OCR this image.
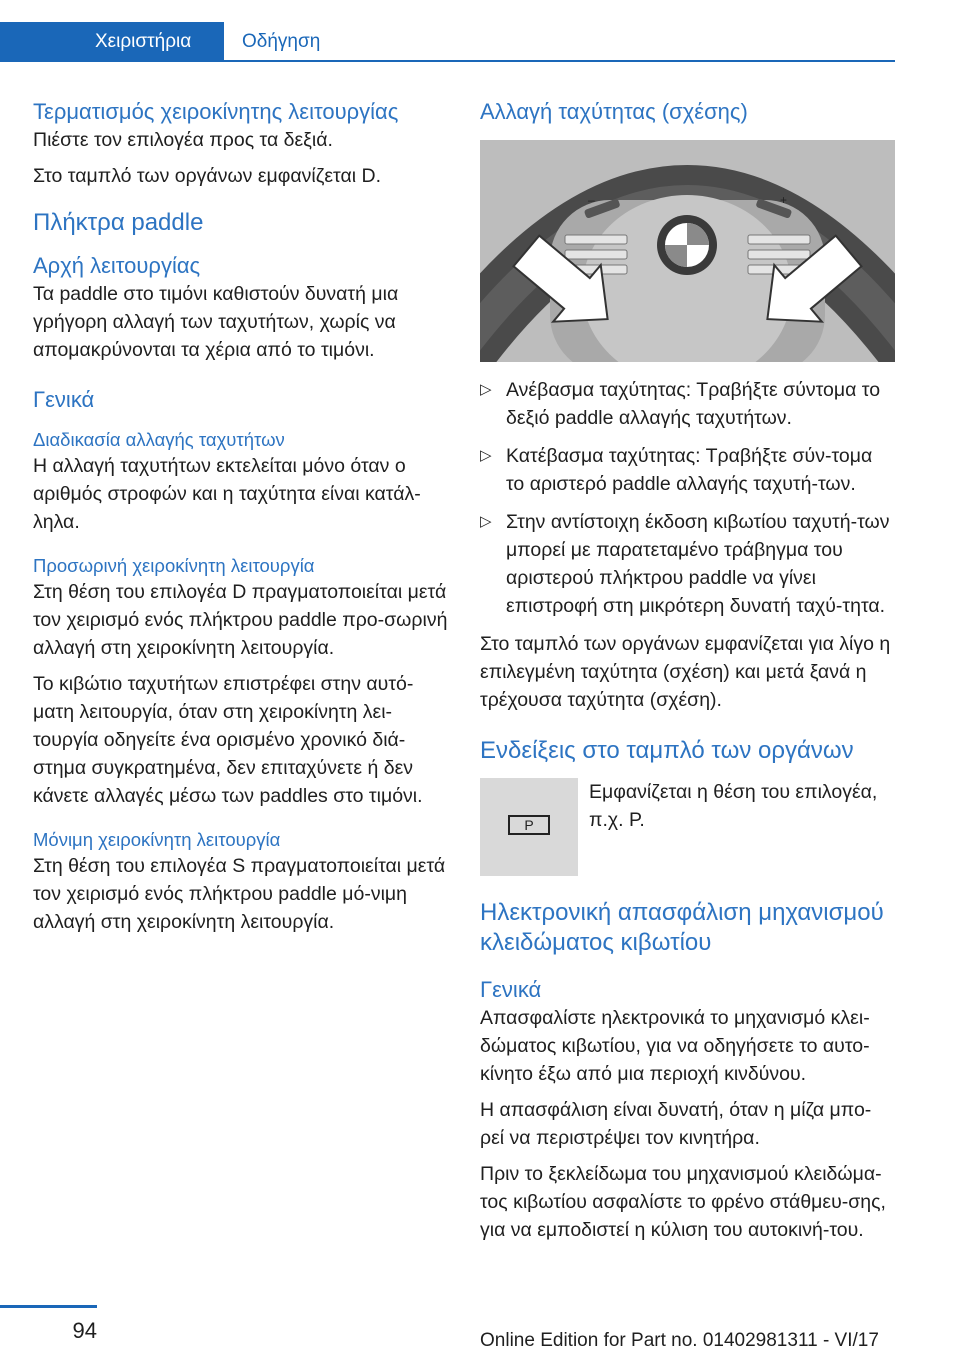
Χειριστήρια	Οδήγηση
Τερματισμός χειροκίνητης λειτουργίας

Πιέστε τον επιλογέα προς τα δεξιά.

Στο ταμπλό των οργάνων εμφανίζεται D.

Πλήκτρα paddle
Αρχή λειτουργίας

Τα paddle στο τιμόνι καθιστούν δυνατή μια γρήγορη αλλαγή των ταχυτήτων, χωρίς να απομακρύνονται τα χέρια από το τιμόνι.

Γενικά
Διαδικασία αλλαγής ταχυτήτων

Η αλλαγή ταχυτήτων εκτελείται μόνο όταν ο αριθμός στροφών και η ταχύτητα είναι κατάλ‐ληλα.

Προσωρινή χειροκίνητη λειτουργία

Στη θέση του επιλογέα D πραγματοποιείται μετά τον χειρισμό ενός πλήκτρου paddle προ‐σωρινή αλλαγή στη χειροκίνητη λειτουργία.

Το κιβώτιο ταχυτήτων επιστρέφει στην αυτό‐ματη λειτουργία, όταν στη χειροκίνητη λει‐τουργία οδηγείτε ένα ορισμένο χρονικό διά‐στημα συγκρατημένα, δεν επιταχύνετε ή δεν κάνετε αλλαγές μέσω των paddles στο τιμόνι.

Μόνιμη χειροκίνητη λειτουργία

Στη θέση του επιλογέα S πραγματοποιείται μετά τον χειρισμό ενός πλήκτρου paddle μό‐νιμη αλλαγή στη χειροκίνητη λειτουργία.

Αλλαγή ταχύτητας (σχέσης)
–	+
▷ Ανέβασμα ταχύτητας: Τραβήξτε σύντομα το δεξιό paddle αλλαγής ταχυτήτων.
▷ Κατέβασμα ταχύτητας: Τραβήξτε σύν‐τομα το αριστερό paddle αλλαγής ταχυτή‐των.
▷ Στην αντίστοιχη έκδοση κιβωτίου ταχυτή‐των μπορεί με παρατεταμένο τράβηγμα του αριστερού πλήκτρου paddle να γίνει επιστροφή στη μικρότερη δυνατή ταχύ‐τητα.

Στο ταμπλό των οργάνων εμφανίζεται για λίγο η επιλεγμένη ταχύτητα (σχέση) και μετά ξανά η τρέχουσα ταχύτητα (σχέση).

Ενδείξεις στο ταμπλό των οργάνων
P

Εμφανίζεται η θέση του επιλογέα, π.χ. P.

Ηλεκτρονική απασφάλιση μηχανισμού κλειδώματος κιβωτίου
Γενικά

Απασφαλίστε ηλεκτρονικά το μηχανισμό κλει‐δώματος κιβωτίου, για να οδηγήσετε το αυτο‐κίνητο έξω από μια περιοχή κινδύνου.

Η απασφάλιση είναι δυνατή, όταν η μίζα μπο‐ρεί να περιστρέψει τον κινητήρα.

Πριν το ξεκλείδωμα του μηχανισμού κλειδώμα‐τος κιβωτίου ασφαλίστε το φρένο στάθμευ‐σης, για να εμποδιστεί η κύλιση του αυτοκινή‐του.

94	Online Edition for Part no. 01402981311 - VI/17
